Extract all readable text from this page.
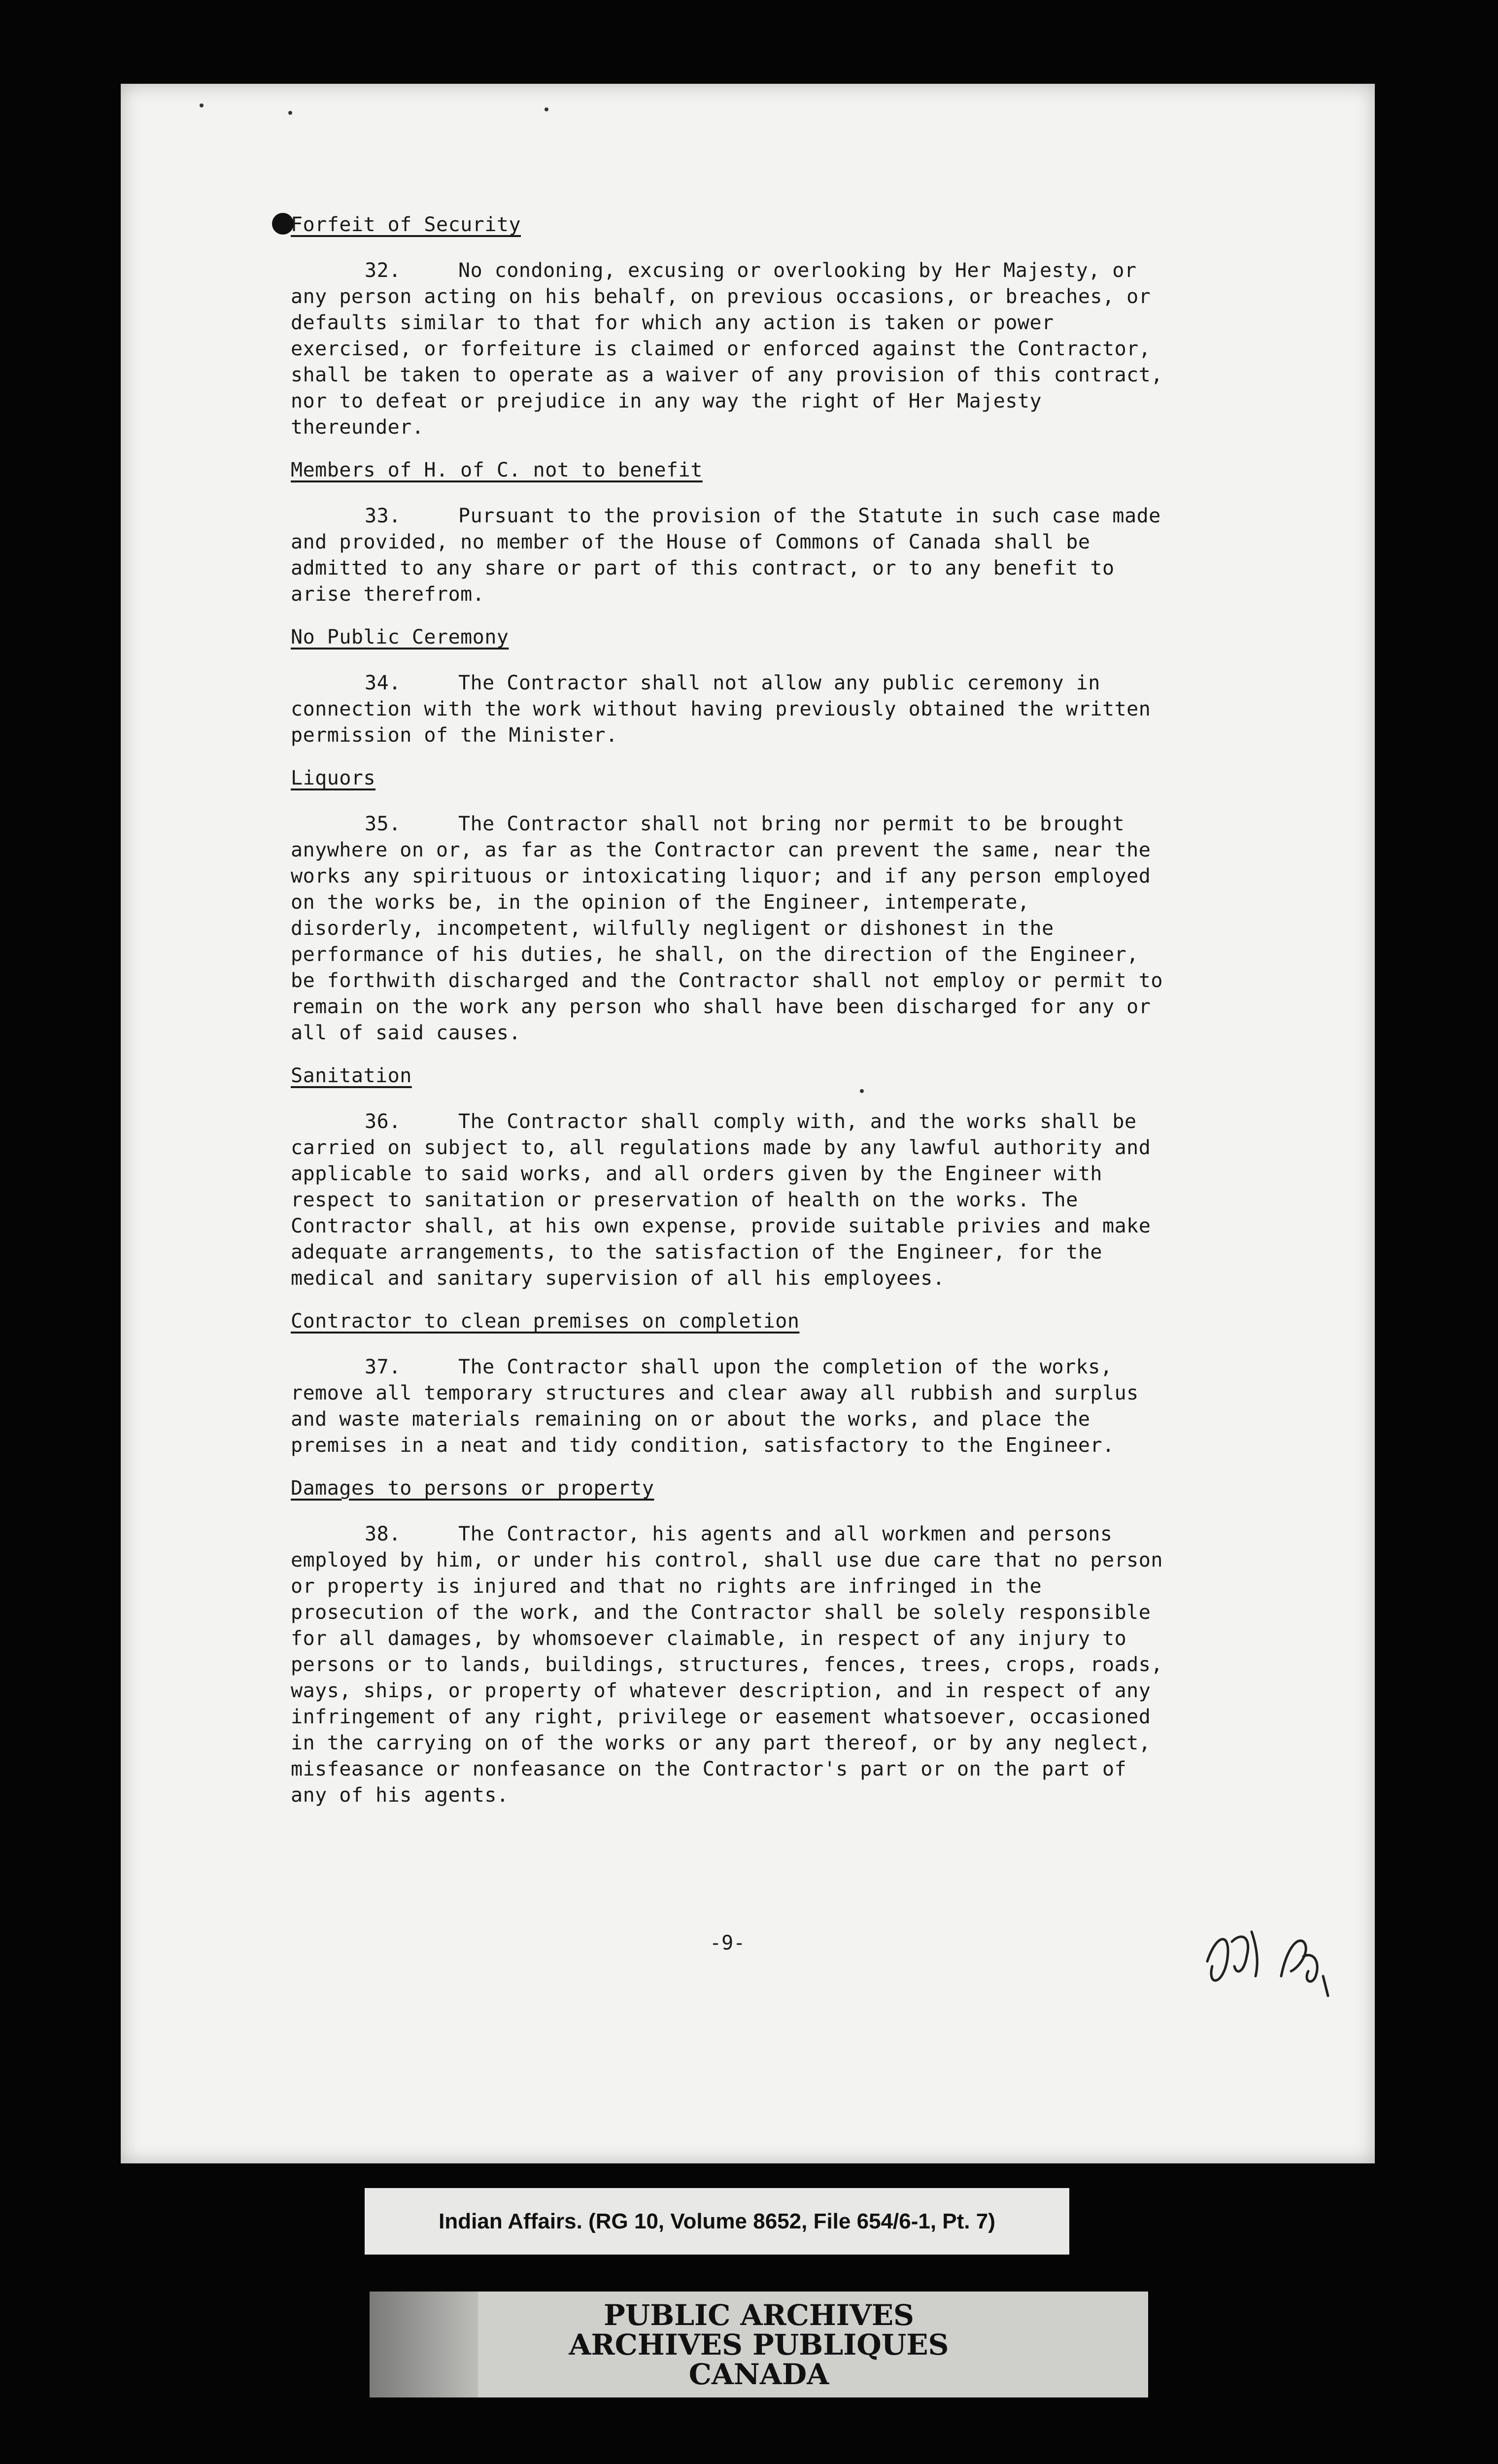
Forfeit of Security

32.	No condoning, excusing or overlooking by Her Majesty, or any person acting on his behalf, on previous occasions, or breaches, or defaults similar to that for which any action is taken or power exercised, or forfeiture is claimed or enforced against the Contractor, shall be taken to operate as a waiver of any provision of this contract, nor to defeat or prejudice in any way the right of Her Majesty thereunder.

Members of H. of C. not to benefit

33.	Pursuant to the provision of the Statute in such case made and provided, no member of the House of Commons of Canada shall be admitted to any share or part of this contract, or to any benefit to arise therefrom.

No Public Ceremony

34.	The Contractor shall not allow any public ceremony in connection with the work without having previously obtained the written permission of the Minister.

Liquors

35.	The Contractor shall not bring nor permit to be brought anywhere on or, as far as the Contractor can prevent the same, near the works any spirituous or intoxicating liquor; and if any person employed on the works be, in the opinion of the Engineer, intemperate, disorderly, incompetent, wilfully negligent or dishonest in the performance of his duties, he shall, on the direction of the Engineer, be forthwith discharged and the Contractor shall not employ or permit to remain on the work any person who shall have been discharged for any or all of said causes.

Sanitation

36.	The Contractor shall comply with, and the works shall be carried on subject to, all regulations made by any lawful authority and applicable to said works, and all orders given by the Engineer with respect to sanitation or preservation of health on the works. The Contractor shall, at his own expense, provide suitable privies and make adequate arrangements, to the satisfaction of the Engineer, for the medical and sanitary supervision of all his employees.

Contractor to clean premises on completion

37.	The Contractor shall upon the completion of the works, remove all temporary structures and clear away all rubbish and surplus and waste materials remaining on or about the works, and place the premises in a neat and tidy condition, satisfactory to the Engineer.

Damages to persons or property

38.	The Contractor, his agents and all workmen and persons employed by him, or under his control, shall use due care that no person or property is injured and that no rights are infringed in the prosecution of the work, and the Contractor shall be solely responsible for all damages, by whomsoever claimable, in respect of any injury to persons or to lands, buildings, structures, fences, trees, crops, roads, ways, ships, or property of whatever description, and in respect of any infringement of any right, privilege or easement whatsoever, occasioned in the carrying on of the works or any part thereof, or by any neglect, misfeasance or nonfeasance on the Contractor's part or on the part of any of his agents.

-9-
Indian Affairs. (RG 10, Volume 8652, File 654/6-1, Pt. 7)
PUBLIC ARCHIVES
ARCHIVES PUBLIQUES
CANADA
